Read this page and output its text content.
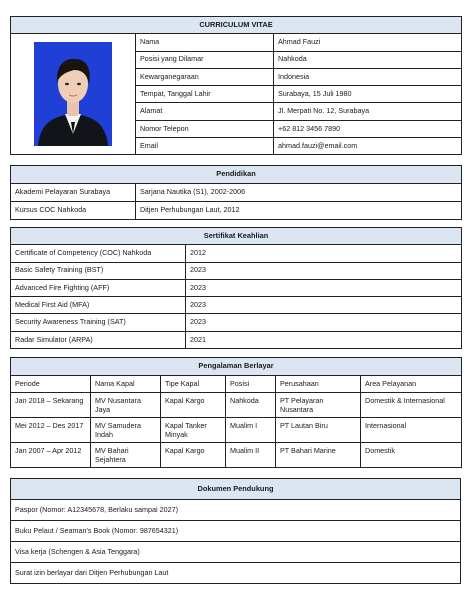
CURRICULUM VITAE		

	Nama	Ahmad Fauzi
	Posisi yang Dilamar	Nahkoda
	Kewarganegaraan	Indonesia
	Tempat, Tanggal Lahir	Surabaya, 15 Juli 1980
	Alamat	Jl. Merpati No. 12, Surabaya
	Nomor Telepon	+62 812 3456 7890
	Email	ahmad.fauzi@email.com
Pendidikan	
Akademi Pelayaran Surabaya	Sarjana Nautika (S1), 2002-2006
Kursus COC Nahkoda	Ditjen Perhubungan Laut, 2012
Sertifikat Keahlian	
Certificate of Competency (COC) Nahkoda	2012
Basic Safety Training (BST)	2023
Advanced Fire Fighting (AFF)	2023
Medical First Aid (MFA)	2023
Security Awareness Training (SAT)	2023
Radar Simulator (ARPA)	2021
Pengalaman Berlayar					
Periode	Nama Kapal	Tipe Kapal	Posisi	Perusahaan	Area Pelayanan
Jan 2018 – Sekarang	MV Nusantara Jaya	Kapal Kargo	Nahkoda	PT Pelayaran Nusantara	Domestik & Internasional
Mei 2012 – Des 2017	MV Samudera Indah	Kapal Tanker Minyak	Mualim I	PT Lautan Biru	Internasional
Jan 2007 – Apr 2012	MV Bahari Sejahtera	Kapal Kargo	Mualim II	PT Bahari Marine	Domestik
Dokumen Pendukung
Paspor (Nomor: A12345678, Berlaku sampai 2027)
Buku Pelaut / Seaman's Book (Nomor: 987654321)
Visa kerja (Schengen & Asia Tenggara)
Surat izin berlayar dari Ditjen Perhubungan Laut
